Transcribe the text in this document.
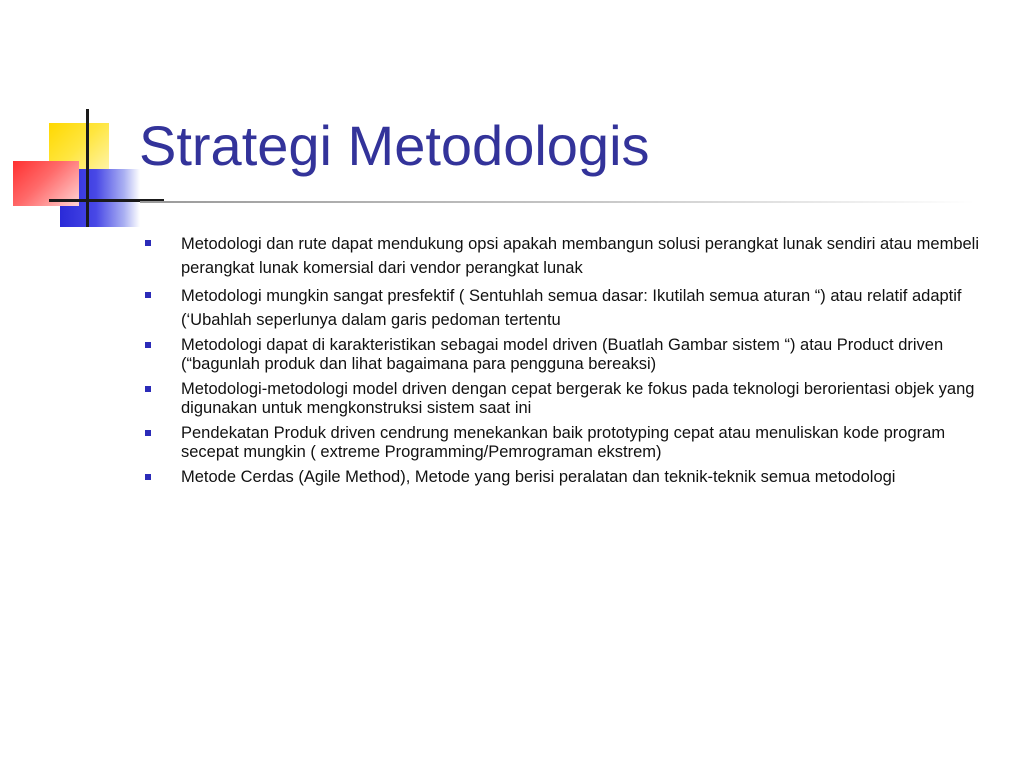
Strategi Metodologis
Metodologi dan rute dapat mendukung opsi apakah membangun solusi perangkat lunak sendiri atau membeli perangkat lunak komersial dari vendor perangkat lunak
Metodologi mungkin sangat presfektif ( Sentuhlah semua dasar: Ikutilah semua aturan “) atau relatif adaptif (‘Ubahlah seperlunya dalam garis pedoman tertentu
Metodologi dapat di karakteristikan sebagai model driven (Buatlah Gambar sistem “) atau Product driven (“bagunlah produk dan lihat bagaimana para pengguna bereaksi)
Metodologi-metodologi model driven dengan cepat bergerak ke fokus pada teknologi berorientasi objek yang digunakan untuk mengkonstruksi sistem saat ini
Pendekatan Produk driven cendrung menekankan baik prototyping cepat atau menuliskan kode program secepat mungkin ( extreme Programming/Pemrograman ekstrem)
Metode Cerdas (Agile Method), Metode yang berisi peralatan dan teknik-teknik semua metodologi
